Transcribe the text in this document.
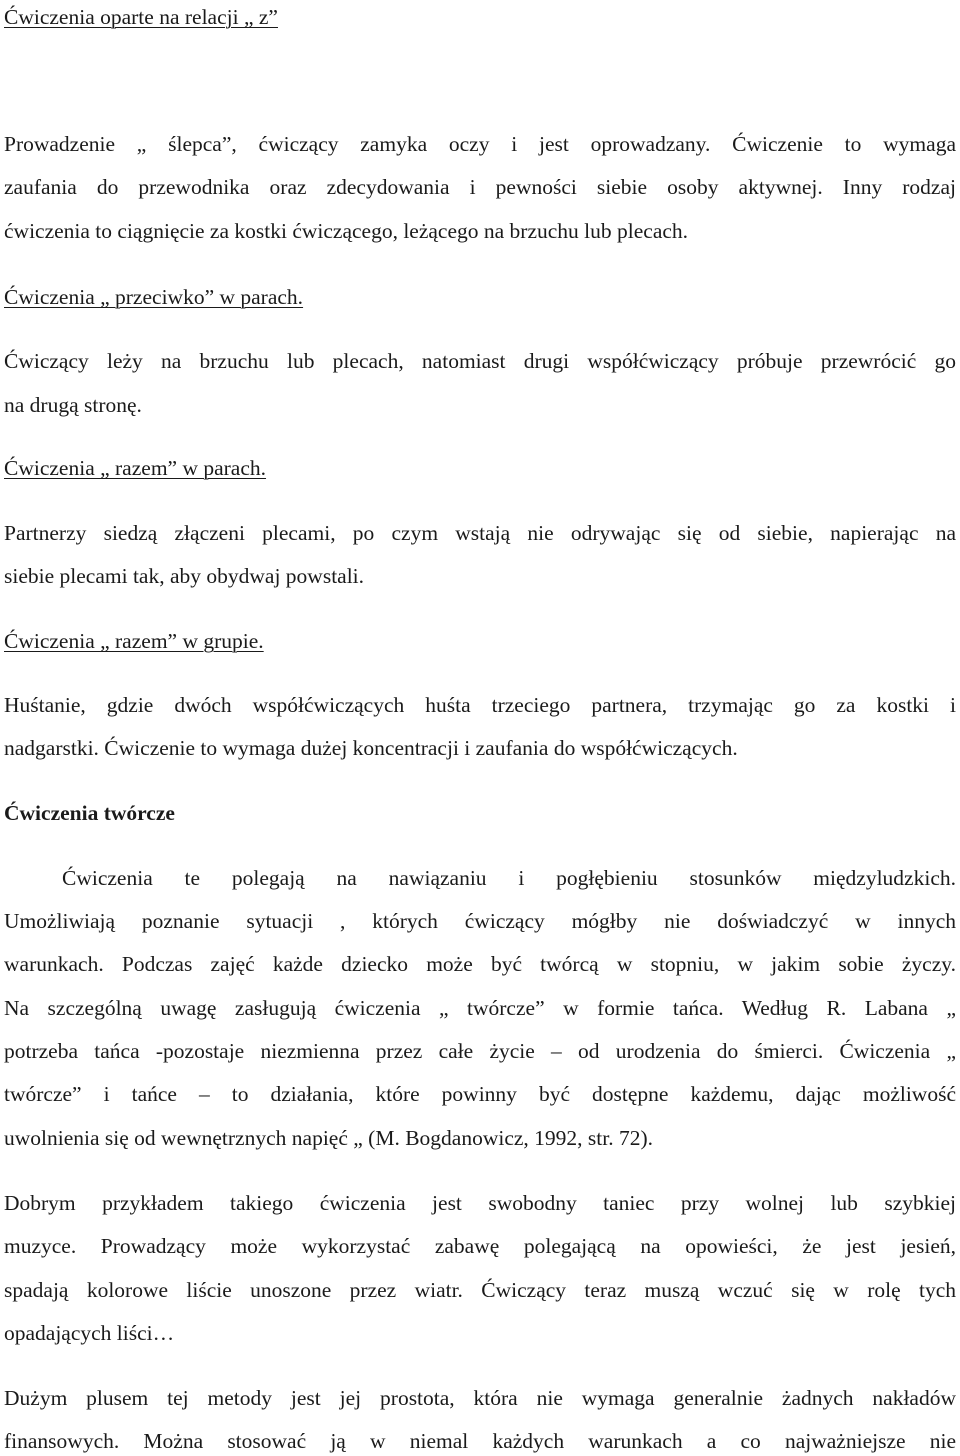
Ćwiczenia oparte na relacji „ z”
Prowadzenie „ ślepca”, ćwiczący zamyka oczy i jest oprowadzany. Ćwiczenie to wymaga
zaufania do przewodnika oraz zdecydowania i pewności siebie osoby aktywnej. Inny rodzaj
ćwiczenia to ciągnięcie za kostki ćwiczącego, leżącego na brzuchu lub plecach.
Ćwiczenia „ przeciwko” w parach.
Ćwiczący leży na brzuchu lub plecach, natomiast drugi współćwiczący próbuje przewrócić go
na drugą stronę.
Ćwiczenia „ razem” w parach.
Partnerzy siedzą złączeni plecami, po czym wstają nie odrywając się od siebie, napierając na
siebie plecami tak, aby obydwaj powstali.
Ćwiczenia „ razem” w grupie.
Huśtanie, gdzie dwóch współćwiczących huśta trzeciego partnera, trzymając go za kostki i
nadgarstki. Ćwiczenie to wymaga dużej koncentracji i zaufania do współćwiczących.
Ćwiczenia twórcze
Ćwiczenia te polegają na nawiązaniu i pogłębieniu stosunków międzyludzkich.
Umożliwiają poznanie sytuacji , których ćwiczący mógłby nie doświadczyć w innych
warunkach. Podczas zajęć każde dziecko może być twórcą w stopniu, w jakim sobie życzy.
Na szczególną uwagę zasługują ćwiczenia „ twórcze” w formie tańca. Według R. Labana „
potrzeba tańca -pozostaje niezmienna przez całe życie – od urodzenia do śmierci. Ćwiczenia „
twórcze” i tańce – to działania, które powinny być dostępne każdemu, dając możliwość
uwolnienia się od wewnętrznych napięć „ (M. Bogdanowicz, 1992, str. 72).
Dobrym przykładem takiego ćwiczenia jest swobodny taniec przy wolnej lub szybkiej
muzyce. Prowadzący może wykorzystać zabawę polegającą na opowieści, że jest jesień,
spadają kolorowe liście unoszone przez wiatr. Ćwiczący teraz muszą wczuć się w rolę tych
opadających liści…
Dużym plusem tej metody jest jej prostota, która nie wymaga generalnie żadnych nakładów
finansowych. Można stosować ją w niemal każdych warunkach a co najważniejsze nie
